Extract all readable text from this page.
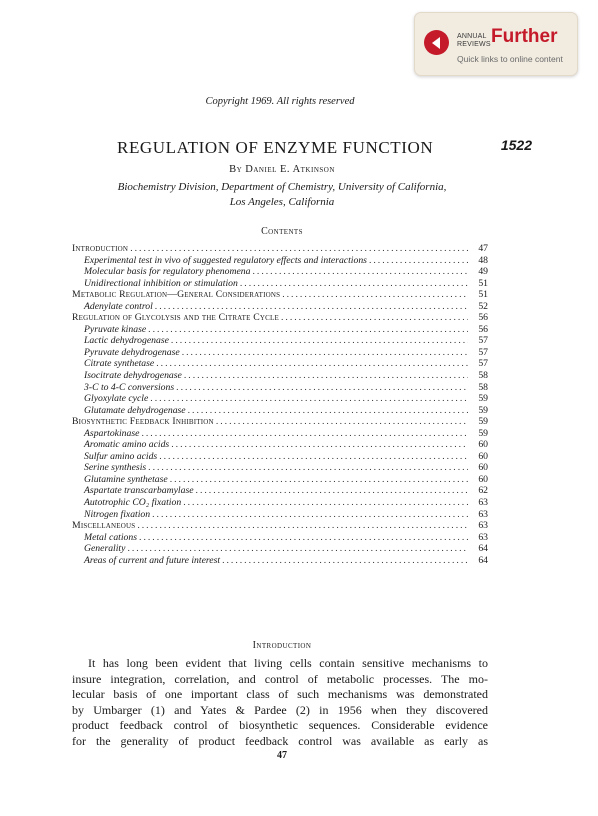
ANNUAL
REVIEWS Further
Quick links to online content
Copyright 1969. All rights reserved
REGULATION OF ENZYME FUNCTION	1522
By Daniel E. Atkinson
Biochemistry Division, Department of Chemistry, University of California,
Los Angeles, California
Contents
Introduction .....	47
Experimental test in vivo of suggested regulatory effects and interactions .....	48
Molecular basis for regulatory phenomena .....	49
Unidirectional inhibition or stimulation .....	51
Metabolic Regulation—General Considerations .....	51
Adenylate control .....	52
Regulation of Glycolysis and the Citrate Cycle .....	56
Pyruvate kinase .....	56
Lactic dehydrogenase .....	57
Pyruvate dehydrogenase .....	57
Citrate synthetase .....	57
Isocitrate dehydrogenase .....	58
3-C to 4-C conversions .....	58
Glyoxylate cycle .....	59
Glutamate dehydrogenase .....	59
Biosynthetic Feedback Inhibition .....	59
Aspartokinase .....	59
Aromatic amino acids .....	60
Sulfur amino acids .....	60
Serine synthesis .....	60
Glutamine synthetase .....	60
Aspartate transcarbamylase .....	62
Autotrophic CO₂ fixation .....	63
Nitrogen fixation .....	63
Miscellaneous .....	63
Metal cations .....	63
Generality .....	64
Areas of current and future interest .....	64
Introduction
It has long been evident that living cells contain sensitive mechanisms to
insure integration, correlation, and control of metabolic processes. The mo-
lecular basis of one important class of such mechanisms was demonstrated
by Umbarger (1) and Yates & Pardee (2) in 1956 when they discovered
product feedback control of biosynthetic sequences. Considerable evidence
for the generality of product feedback control was available as early as
47
